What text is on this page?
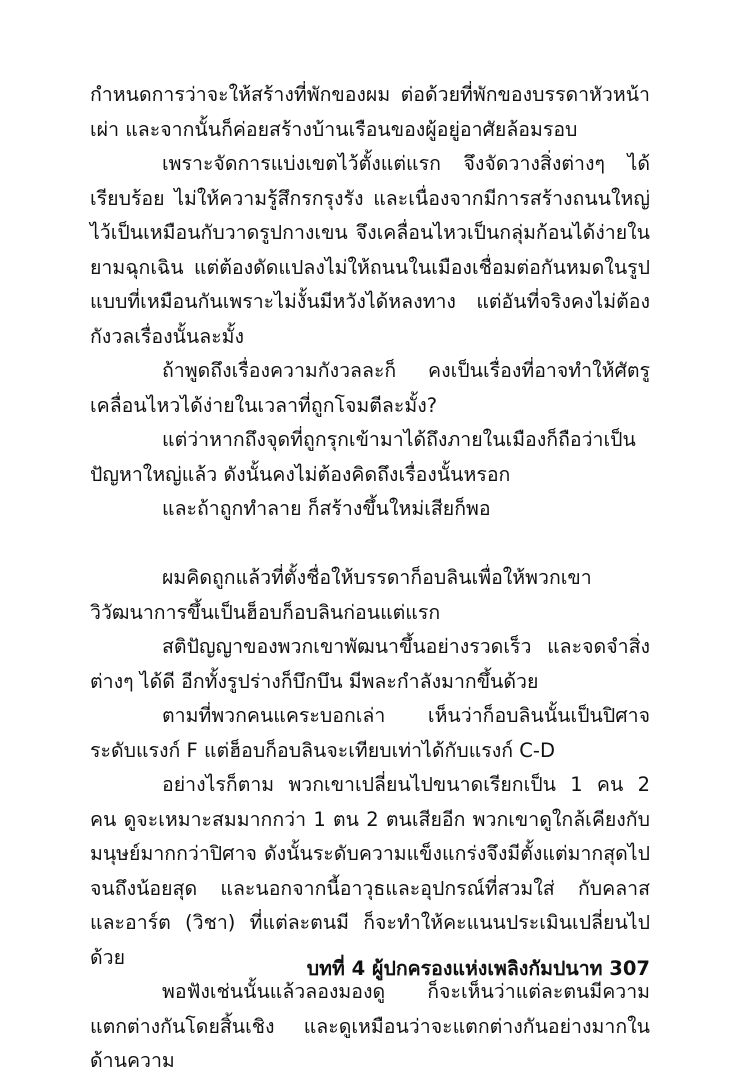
กำหนดการว่าจะให้สร้างที่พักของผม ต่อด้วยที่พักของบรรดาหัวหน้าเผ่า และจากนั้นก็ค่อยสร้างบ้านเรือนของผู้อยู่อาศัยล้อมรอบ

เพราะจัดการแบ่งเขตไว้ตั้งแต่แรก จึงจัดวางสิ่งต่างๆ ได้เรียบร้อย ไม่ให้ความรู้สึกรกรุงรัง และเนื่องจากมีการสร้างถนนใหญ่ไว้เป็นเหมือนกับวาดรูปกางเขน จึงเคลื่อนไหวเป็นกลุ่มก้อนได้ง่ายในยามฉุกเฉิน แต่ต้องดัดแปลงไม่ให้ถนนในเมืองเชื่อมต่อกันหมดในรูปแบบที่เหมือนกันเพราะไม่งั้นมีหวังได้หลงทาง แต่อันที่จริงคงไม่ต้องกังวลเรื่องนั้นละมั้ง

ถ้าพูดถึงเรื่องความกังวลละก็ คงเป็นเรื่องที่อาจทำให้ศัตรูเคลื่อนไหวได้ง่ายในเวลาที่ถูกโจมตีละมั้ง?

แต่ว่าหากถึงจุดที่ถูกรุกเข้ามาได้ถึงภายในเมืองก็ถือว่าเป็นปัญหาใหญ่แล้ว ดังนั้นคงไม่ต้องคิดถึงเรื่องนั้นหรอก

และถ้าถูกทำลาย ก็สร้างขึ้นใหม่เสียก็พอ

ผมคิดถูกแล้วที่ตั้งชื่อให้บรรดาก็อบลินเพื่อให้พวกเขาวิวัฒนาการขึ้นเป็นฮ็อบก็อบลินก่อนแต่แรก

สติปัญญาของพวกเขาพัฒนาขึ้นอย่างรวดเร็ว และจดจำสิ่งต่างๆ ได้ดี อีกทั้งรูปร่างก็บึกบึน มีพละกำลังมากขึ้นด้วย

ตามที่พวกคนแคระบอกเล่า เห็นว่าก็อบลินนั้นเป็นปิศาจระดับแรงก์ F แต่ฮ็อบก็อบลินจะเทียบเท่าได้กับแรงก์ C-D

อย่างไรก็ตาม พวกเขาเปลี่ยนไปขนาดเรียกเป็น 1 คน 2 คน ดูจะเหมาะสมมากกว่า 1 ตน 2 ตนเสียอีก พวกเขาดูใกล้เคียงกับมนุษย์มากกว่าปิศาจ ดังนั้นระดับความแข็งแกร่งจึงมีตั้งแต่มากสุดไปจนถึงน้อยสุด และนอกจากนี้อาวุธและอุปกรณ์ที่สวมใส่ กับคลาสและอาร์ต (วิชา) ที่แต่ละตนมี ก็จะทำให้คะแนนประเมินเปลี่ยนไปด้วย

พอฟังเช่นนั้นแล้วลองมองดู ก็จะเห็นว่าแต่ละตนมีความแตกต่างกันโดยสิ้นเชิง และดูเหมือนว่าจะแตกต่างกันอย่างมากในด้านความ

บทที่ 4 ผู้ปกครองแห่งเพลิงกัมปนาท 307
